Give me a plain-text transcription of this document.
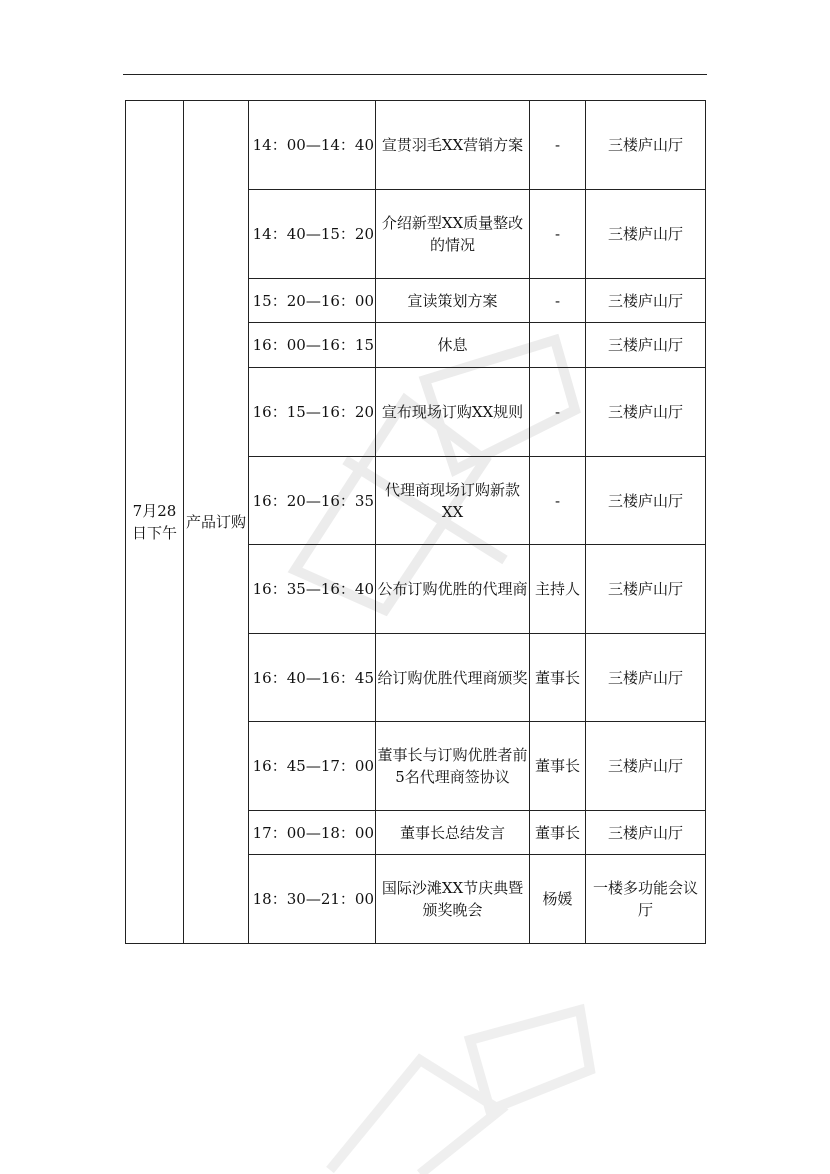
7月28日下午	产品订购	14：00—14：40	宣贯羽毛XX营销方案	-	三楼庐山厅
		14：40—15：20	介绍新型XX质量整改的情况	-	三楼庐山厅
		15：20—16：00	宣读策划方案	-	三楼庐山厅
		16：00—16：15	休息		三楼庐山厅
		16：15—16：20	宣布现场订购XX规则	-	三楼庐山厅
		16：20—16：35	代理商现场订购新款XX	-	三楼庐山厅
		16：35—16：40	公布订购优胜的代理商	主持人	三楼庐山厅
		16：40—16：45	给订购优胜代理商颁奖	董事长	三楼庐山厅
		16：45—17：00	董事长与订购优胜者前5名代理商签协议	董事长	三楼庐山厅
		17：00—18：00	董事长总结发言	董事长	三楼庐山厅
		18：30—21：00	国际沙滩XX节庆典暨颁奖晚会	杨媛	一楼多功能会议厅
